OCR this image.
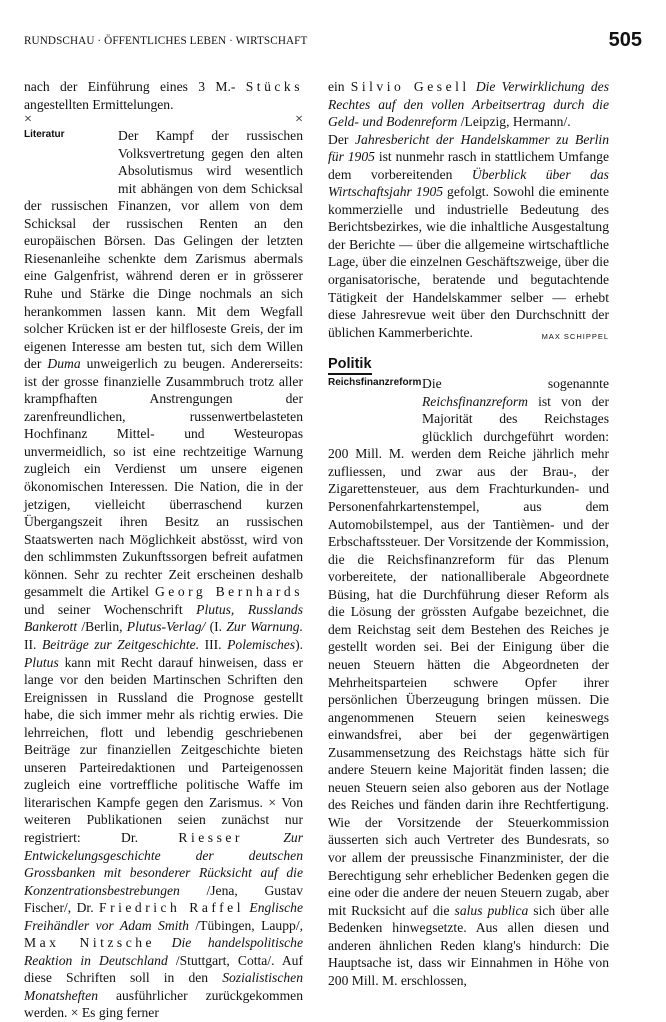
RUNDSCHAU · ÖFFENTLICHES LEBEN · WIRTSCHAFT	505

nach der Einführung eines 3 M.- Stücks angestellten Ermittelungen.

×	×
Literatur	Der Kampf der russischen Volksvertretung gegen den alten Absolutismus wird wesentlich mit abhängen von dem Schicksal der russischen Finanzen, vor allem von dem Schicksal der russischen Renten an den europäischen Börsen. Das Gelingen der letzten Riesenanleihe schenkte dem Zarismus abermals eine Galgenfrist, während deren er in grösserer Ruhe und Stärke die Dinge nochmals an sich herankommen lassen kann. Mit dem Wegfall solcher Krücken ist er der hilfloseste Greis, der im eigenen Interesse am besten tut, sich dem Willen der Duma unweigerlich zu beugen. Andererseits: ist der grosse finanzielle Zusammbruch trotz aller krampfhaften Anstrengungen der zarenfreundlichen, russenwertbelasteten Hochfinanz Mittel- und Westeuropas unvermeidlich, so ist eine rechtzeitige Warnung zugleich ein Verdienst um unsere eigenen ökonomischen Interessen. Die Nation, die in der jetzigen, vielleicht überraschend kurzen Übergangszeit ihren Besitz an russischen Staatswerten nach Möglichkeit abstösst, wird von den schlimmsten Zukunftssorgen befreit aufatmen können. Sehr zu rechter Zeit erscheinen deshalb gesammelt die Artikel Georg Bernhards und seiner Wochenschrift Plutus, Russlands Bankerott /Berlin, Plutus-Verlag/ (I. Zur Warnung. II. Beiträge zur Zeitgeschichte. III. Polemisches). Plutus kann mit Recht darauf hinweisen, dass er lange vor den beiden Martinschen Schriften den Ereignissen in Russland die Prognose gestellt habe, die sich immer mehr als richtig erwies. Die lehrreichen, flott und lebendig geschriebenen Beiträge zur finanziellen Zeitgeschichte bieten unseren Parteiredaktionen und Parteigenossen zugleich eine vortreffliche politische Waffe im literarischen Kampfe gegen den Zarismus. × Von weiteren Publikationen seien zunächst nur registriert: Dr. Riesser Zur Entwickelungsgeschichte der deutschen Grossbanken mit besonderer Rücksicht auf die Konzentrationsbestrebungen /Jena, Gustav Fischer/, Dr. Friedrich Raffel Englische Freihändler vor Adam Smith /Tübingen, Laupp/, Max Nitzsche Die handelspolitische Reaktion in Deutschland /Stuttgart, Cotta/. Auf diese Schriften soll in den Sozialistischen Monatsheften ausführlicher zurückgekommen werden. × Es ging ferner

ein Silvio Gesell Die Verwirklichung des Rechtes auf den vollen Arbeitsertrag durch die Geld- und Bodenreform /Leipzig, Hermann/.

Der Jahresbericht der Handelskammer zu Berlin für 1905 ist nunmehr rasch in stattlichem Umfange dem vorbereitenden Überblick über das Wirtschaftsjahr 1905 gefolgt. Sowohl die eminente kommerzielle und industrielle Bedeutung des Berichtsbezirkes, wie die inhaltliche Ausgestaltung der Berichte — über die allgemeine wirtschaftliche Lage, über die einzelnen Geschäftszweige, über die organisatorische, beratende und begutachtende Tätigkeit der Handelskammer selber — erhebt diese Jahresrevue weit über den Durchschnitt der üblichen Kammerberichte.	MAX SCHIPPEL

Politik
Reichsfinanzreform Die sogenannte Reichsfinanzreform ist von der Majorität des Reichstages glücklich durchgeführt worden: 200 Mill. M. werden dem Reiche jährlich mehr zufliessen, und zwar aus der Brau-, der Zigarettensteuer, aus dem Frachturkunden- und Personenfahrkartenstempel, aus dem Automobilstempel, aus der Tantièmen- und der Erbschaftssteuer. Der Vorsitzende der Kommission, die die Reichsfinanzreform für das Plenum vorbereitete, der nationalliberale Abgeordnete Büsing, hat die Durchführung dieser Reform als die Lösung der grössten Aufgabe bezeichnet, die dem Reichstag seit dem Bestehen des Reiches je gestellt worden sei. Bei der Einigung über die neuen Steuern hätten die Abgeordneten der Mehrheitsparteien schwere Opfer ihrer persönlichen Überzeugung bringen müssen. Die angenommenen Steuern seien keineswegs einwandsfrei, aber bei der gegenwärtigen Zusammensetzung des Reichstags hätte sich für andere Steuern keine Majorität finden lassen; die neuen Steuern seien also geboren aus der Notlage des Reiches und fänden darin ihre Rechtfertigung. Wie der Vorsitzende der Steuerkommission äusserten sich auch Vertreter des Bundesrats, so vor allem der preussische Finanzminister, der die Berechtigung sehr erheblicher Bedenken gegen die eine oder die andere der neuen Steuern zugab, aber mit Rucksicht auf die salus publica sich über alle Bedenken hinwegsetzte. Aus allen diesen und anderen ähnlichen Reden klang's hindurch: Die Hauptsache ist, dass wir Einnahmen in Höhe von 200 Mill. M. erschlossen,
